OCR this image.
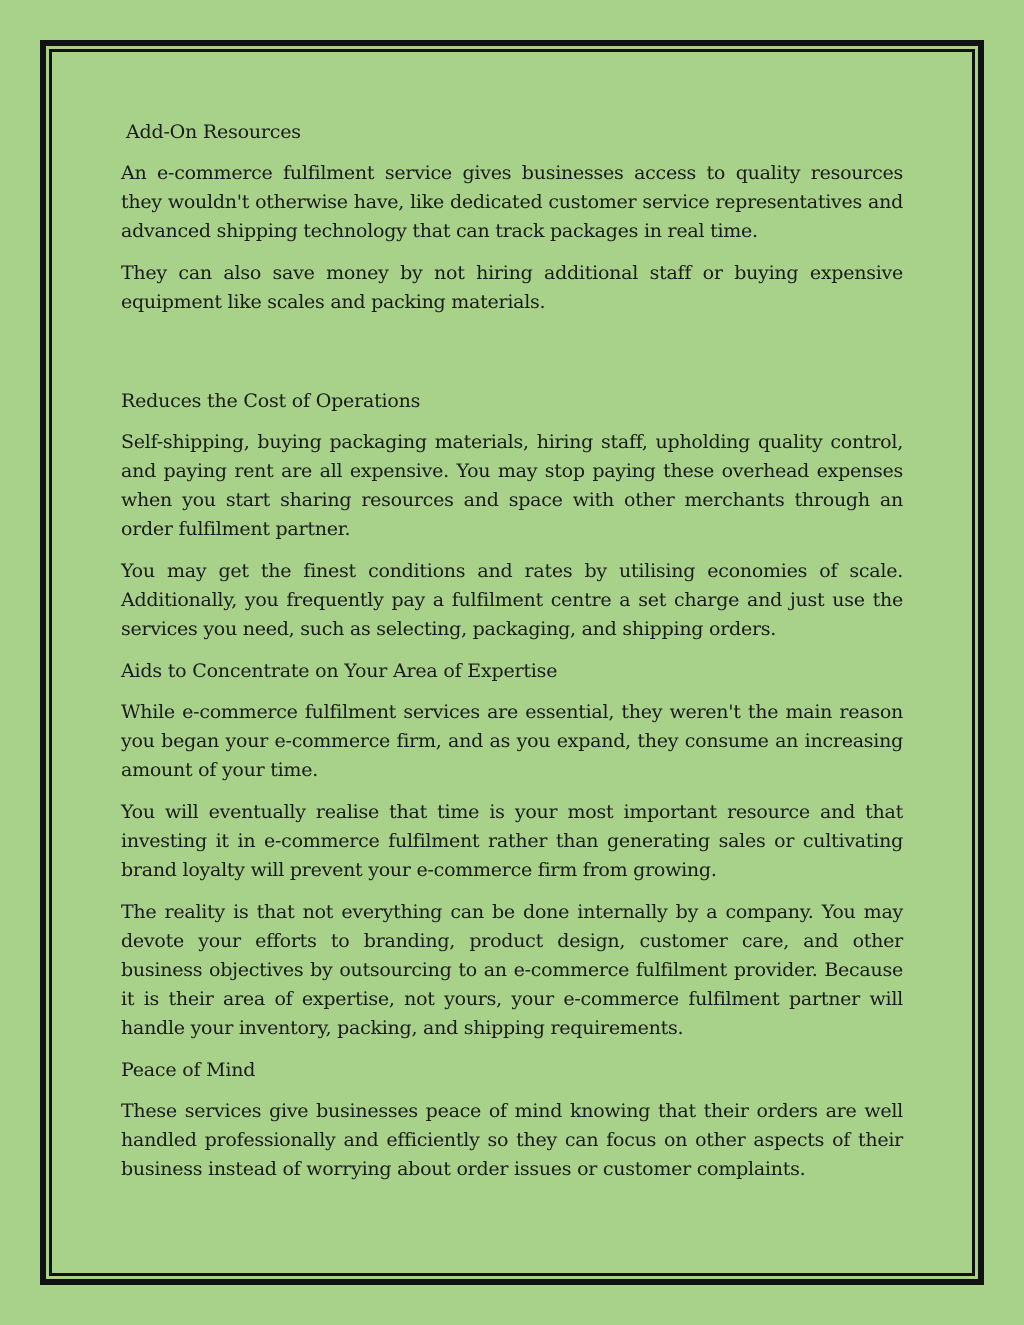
Add-On Resources

An e-commerce fulfilment service gives businesses access to quality resources they wouldn't otherwise have, like dedicated customer service representatives and advanced shipping technology that can track packages in real time.

They can also save money by not hiring additional staff or buying expensive equipment like scales and packing materials.

Reduces the Cost of Operations

Self-shipping, buying packaging materials, hiring staff, upholding quality control, and paying rent are all expensive. You may stop paying these overhead expenses when you start sharing resources and space with other merchants through an order fulfilment partner.

You may get the finest conditions and rates by utilising economies of scale. Additionally, you frequently pay a fulfilment centre a set charge and just use the services you need, such as selecting, packaging, and shipping orders.

Aids to Concentrate on Your Area of Expertise

While e-commerce fulfilment services are essential, they weren't the main reason you began your e-commerce firm, and as you expand, they consume an increasing amount of your time.

You will eventually realise that time is your most important resource and that investing it in e-commerce fulfilment rather than generating sales or cultivating brand loyalty will prevent your e-commerce firm from growing.

The reality is that not everything can be done internally by a company. You may devote your efforts to branding, product design, customer care, and other business objectives by outsourcing to an e-commerce fulfilment provider. Because it is their area of expertise, not yours, your e-commerce fulfilment partner will handle your inventory, packing, and shipping requirements.

Peace of Mind

These services give businesses peace of mind knowing that their orders are well handled professionally and efficiently so they can focus on other aspects of their business instead of worrying about order issues or customer complaints.
